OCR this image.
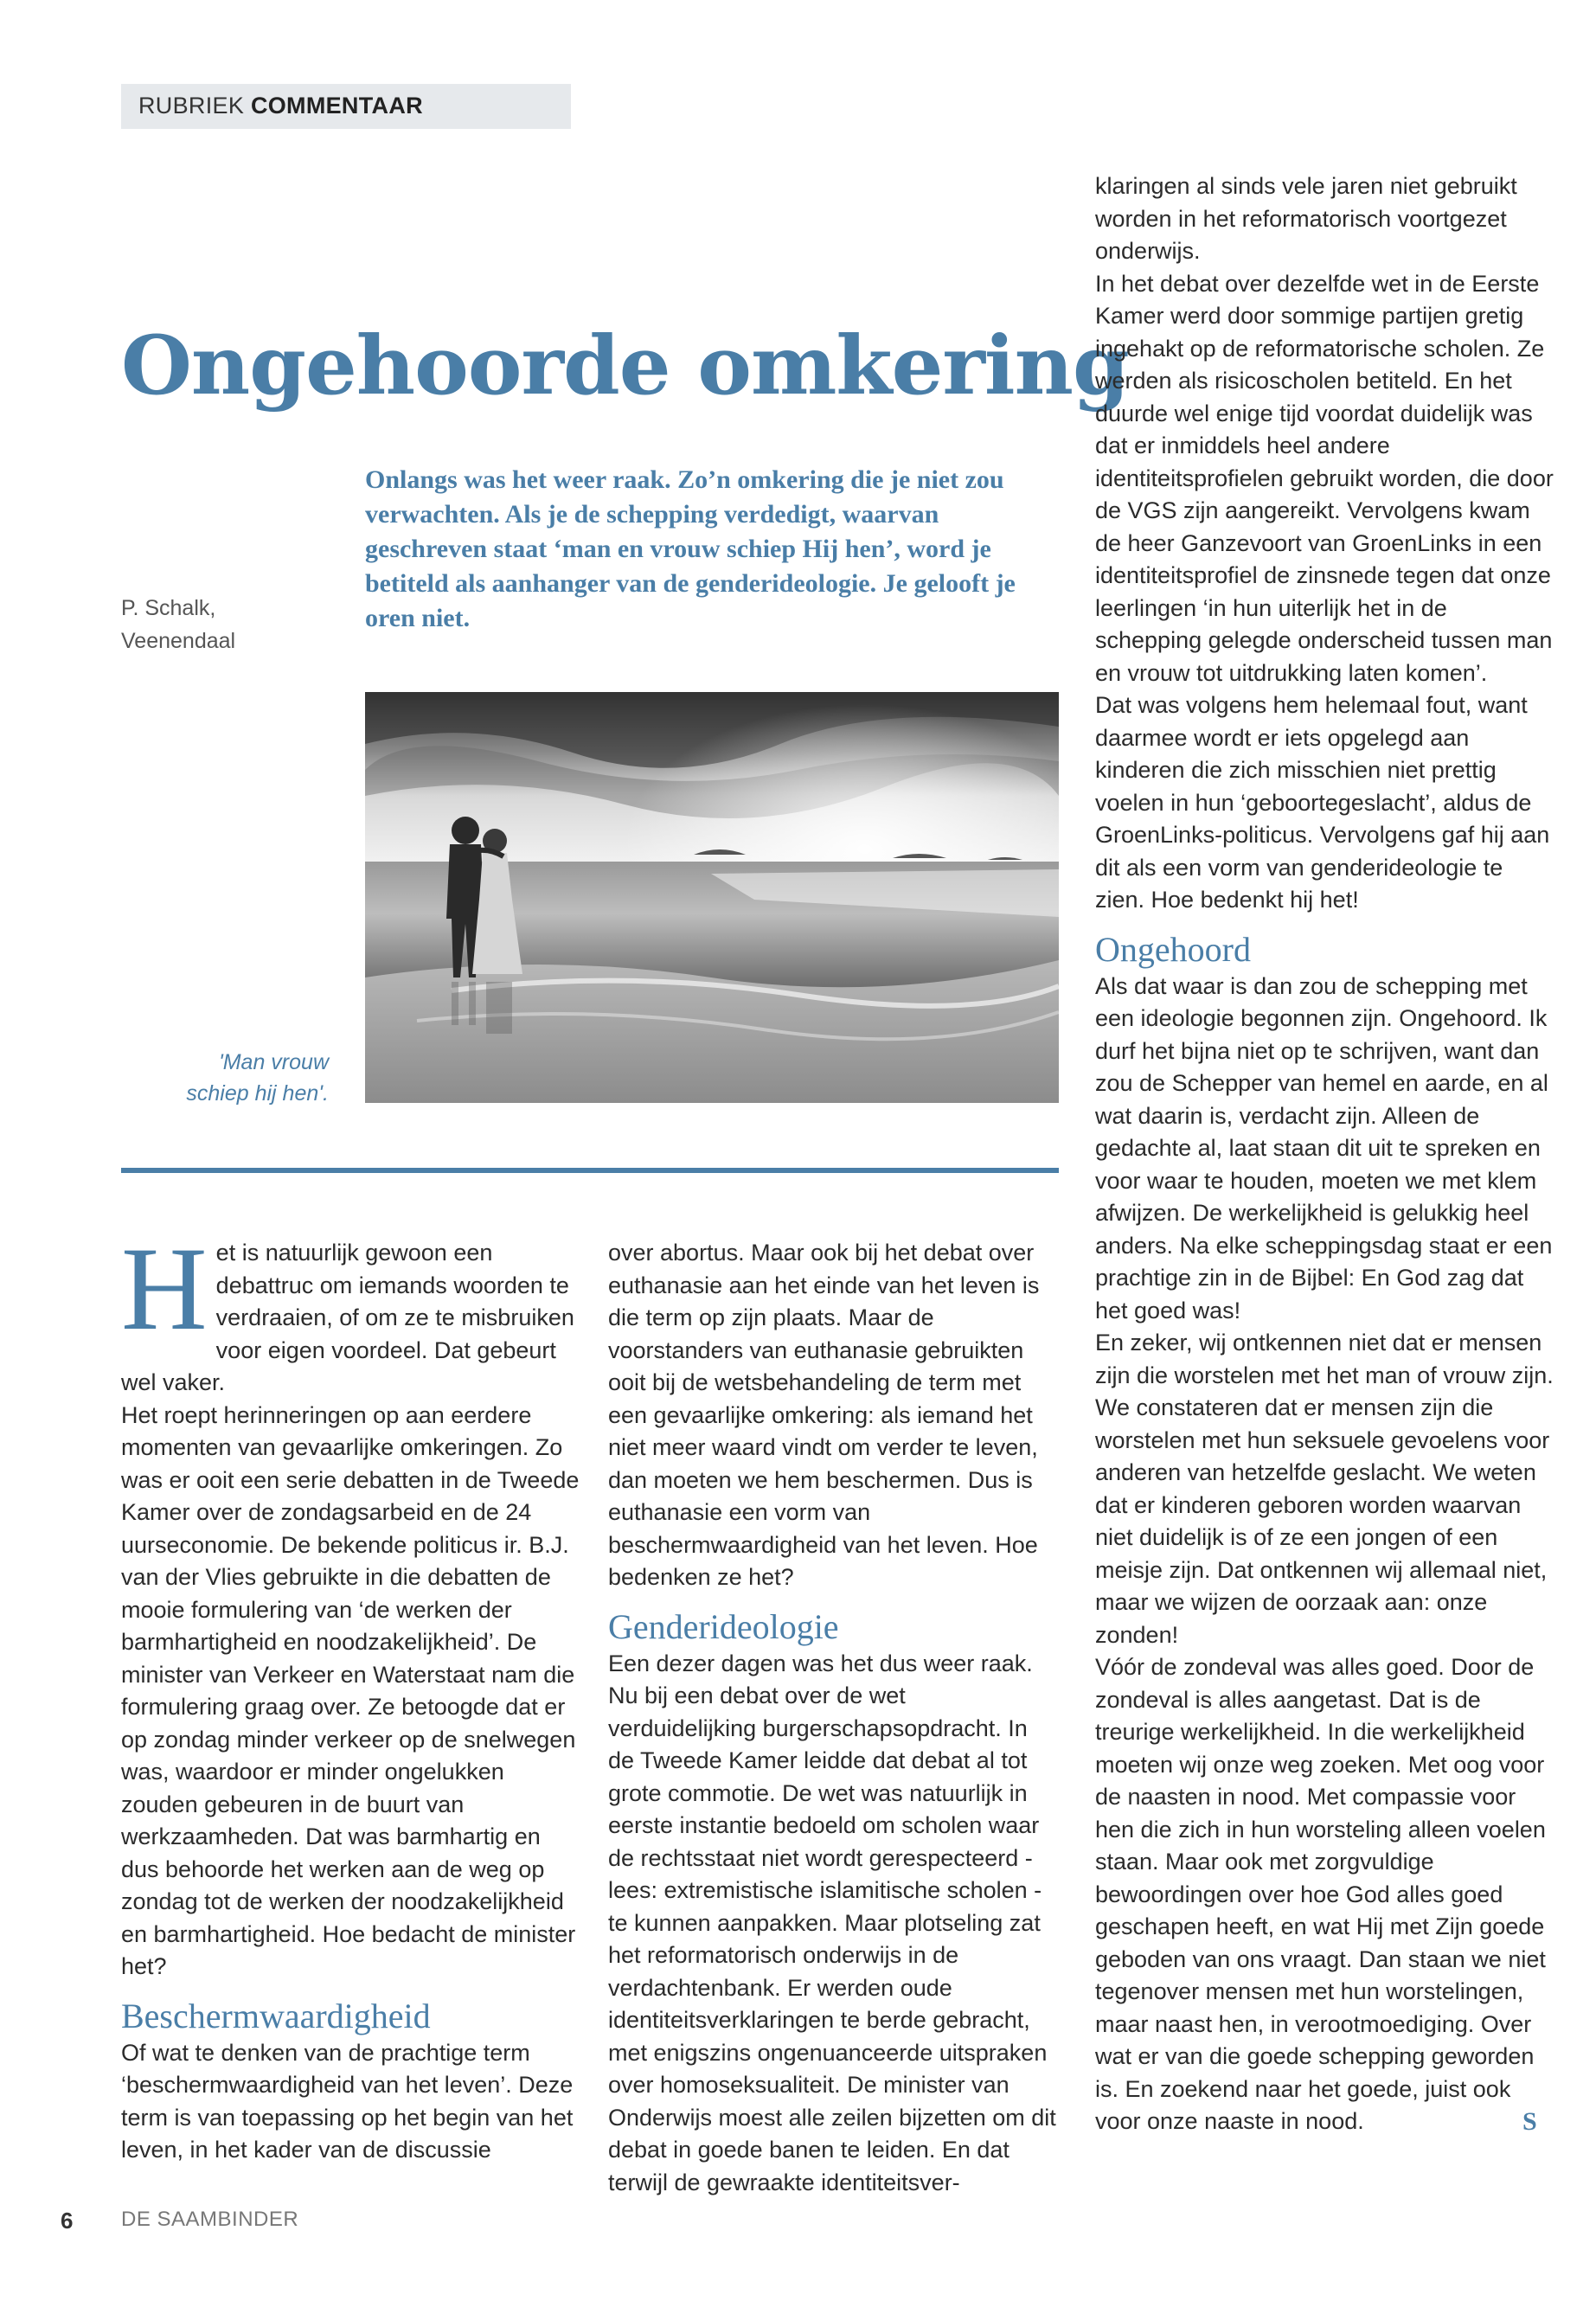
RUBRIEK COMMENTAAR
Ongehoorde omkering
Onlangs was het weer raak. Zo’n omkering die je niet zou verwachten. Als je de schepping verdedigt, waarvan geschreven staat ‘man en vrouw schiep Hij hen’, word je betiteld als aanhanger van de genderideologie. Je gelooft je oren niet.
P. Schalk,
Veenendaal
'Man vrouw
schiep hij hen'.

Het is natuurlijk gewoon een debattruc om iemands woorden te verdraaien, of om ze te misbruiken voor eigen voordeel. Dat gebeurt wel vaker.

Het roept herinneringen op aan eerdere momenten van gevaarlijke omkeringen. Zo was er ooit een serie debatten in de Tweede Kamer over de zondagsarbeid en de 24 uurseconomie. De bekende politicus ir. B.J. van der Vlies gebruikte in die debatten de mooie formulering van ‘de werken der barmhartigheid en noodzakelijkheid’. De minister van Verkeer en Waterstaat nam die formulering graag over. Ze betoogde dat er op zondag minder verkeer op de snelwegen was, waardoor er minder ongelukken zouden gebeuren in de buurt van werkzaamheden. Dat was barmhartig en dus behoorde het werken aan de weg op zondag tot de werken der noodzakelijkheid en barmhartigheid. Hoe bedacht de minister het?

Beschermwaardigheid

Of wat te denken van de prachtige term ‘beschermwaardigheid van het leven’. Deze term is van toepassing op het begin van het leven, in het kader van de discussie

over abortus. Maar ook bij het debat over euthanasie aan het einde van het leven is die term op zijn plaats. Maar de voorstanders van euthanasie gebruikten ooit bij de wetsbehandeling de term met een gevaarlijke omkering: als iemand het niet meer waard vindt om verder te leven, dan moeten we hem beschermen. Dus is euthanasie een vorm van beschermwaardigheid van het leven. Hoe bedenken ze het?

Genderideologie

Een dezer dagen was het dus weer raak. Nu bij een debat over de wet verduidelijking burgerschapsopdracht. In de Tweede Kamer leidde dat debat al tot grote commotie. De wet was natuurlijk in eerste instantie bedoeld om scholen waar de rechtsstaat niet wordt gerespecteerd - lees: extremistische islamitische scholen - te kunnen aanpakken. Maar plotseling zat het reformatorisch onderwijs in de verdachtenbank. Er werden oude identiteitsverklaringen te berde gebracht, met enigszins ongenuanceerde uitspraken over homoseksualiteit. De minister van Onderwijs moest alle zeilen bijzetten om dit debat in goede banen te leiden. En dat terwijl de gewraakte identiteitsver-

klaringen al sinds vele jaren niet gebruikt worden in het reformatorisch voortgezet onderwijs.

In het debat over dezelfde wet in de Eerste Kamer werd door sommige partijen gretig ingehakt op de reformatorische scholen. Ze werden als risicoscholen betiteld. En het duurde wel enige tijd voordat duidelijk was dat er inmiddels heel andere identiteitsprofielen gebruikt worden, die door de VGS zijn aangereikt. Vervolgens kwam de heer Ganzevoort van GroenLinks in een identiteitsprofiel de zinsnede tegen dat onze leerlingen ‘in hun uiterlijk het in de schepping gelegde onderscheid tussen man en vrouw tot uitdrukking laten komen’.

Dat was volgens hem helemaal fout, want daarmee wordt er iets opgelegd aan kinderen die zich misschien niet prettig voelen in hun ‘geboortegeslacht’, aldus de GroenLinks-politicus. Vervolgens gaf hij aan dit als een vorm van genderideologie te zien. Hoe bedenkt hij het!

Ongehoord

Als dat waar is dan zou de schepping met een ideologie begonnen zijn. Ongehoord. Ik durf het bijna niet op te schrijven, want dan zou de Schepper van hemel en aarde, en al wat daarin is, verdacht zijn. Alleen de gedachte al, laat staan dit uit te spreken en voor waar te houden, moeten we met klem afwijzen. De werkelijkheid is gelukkig heel anders. Na elke scheppingsdag staat er een prachtige zin in de Bijbel: En God zag dat het goed was!

En zeker, wij ontkennen niet dat er mensen zijn die worstelen met het man of vrouw zijn. We constateren dat er mensen zijn die worstelen met hun seksuele gevoelens voor anderen van hetzelfde geslacht. We weten dat er kinderen geboren worden waarvan niet duidelijk is of ze een jongen of een meisje zijn. Dat ontkennen wij allemaal niet, maar we wijzen de oorzaak aan: onze zonden!

Vóór de zondeval was alles goed. Door de zondeval is alles aangetast. Dat is de treurige werkelijkheid. In die werkelijkheid moeten wij onze weg zoeken. Met oog voor de naasten in nood. Met compassie voor hen die zich in hun worsteling alleen voelen staan. Maar ook met zorgvuldige bewoordingen over hoe God alles goed geschapen heeft, en wat Hij met Zijn goede geboden van ons vraagt. Dan staan we niet tegenover mensen met hun worstelingen, maar naast hen, in verootmoediging. Over wat er van die goede schepping geworden is. En zoekend naar het goede, juist ook voor onze naaste in nood.	S
6 DE SAAMBINDER
